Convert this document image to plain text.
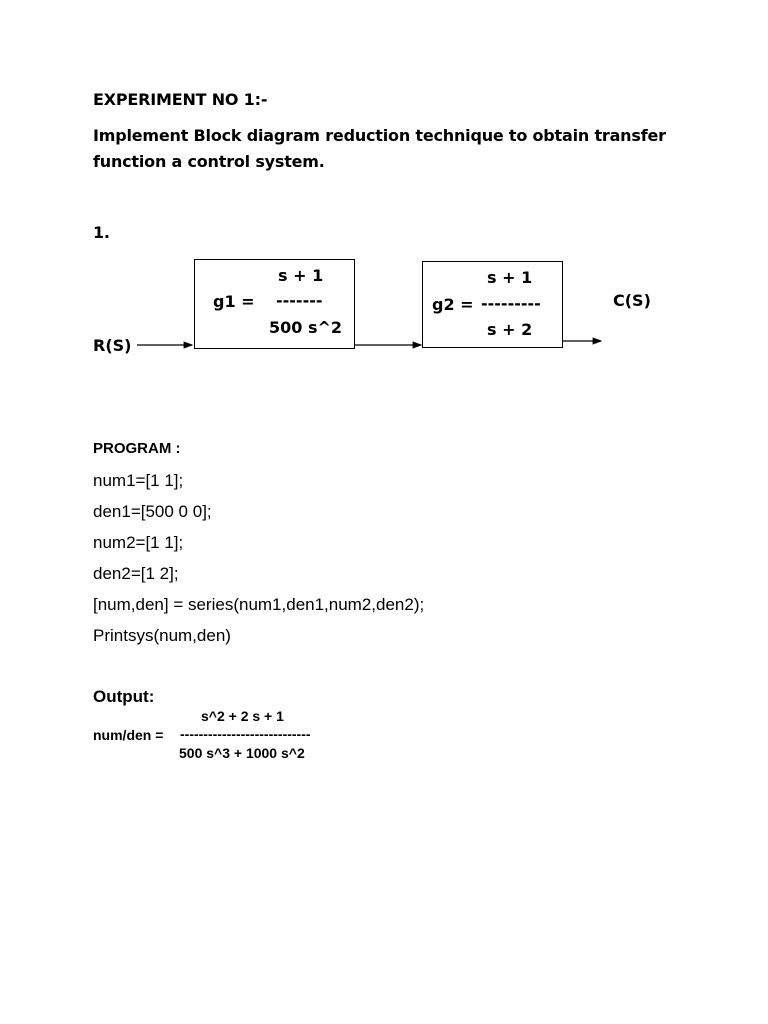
EXPERIMENT NO 1:-
Implement Block diagram reduction technique to obtain transfer
function a control system.
1.
R(S)
C(S)
s + 1
g1 = -------
500 s^2
s + 1
g2 = ---------
s + 2
PROGRAM :
num1=[1 1];
den1=[500 0 0];
num2=[1 1];
den2=[1 2];
[num,den] = series(num1,den1,num2,den2);
Printsys(num,den)
Output:
s^2 + 2 s + 1
num/den = ----------------------------
500 s^3 + 1000 s^2
